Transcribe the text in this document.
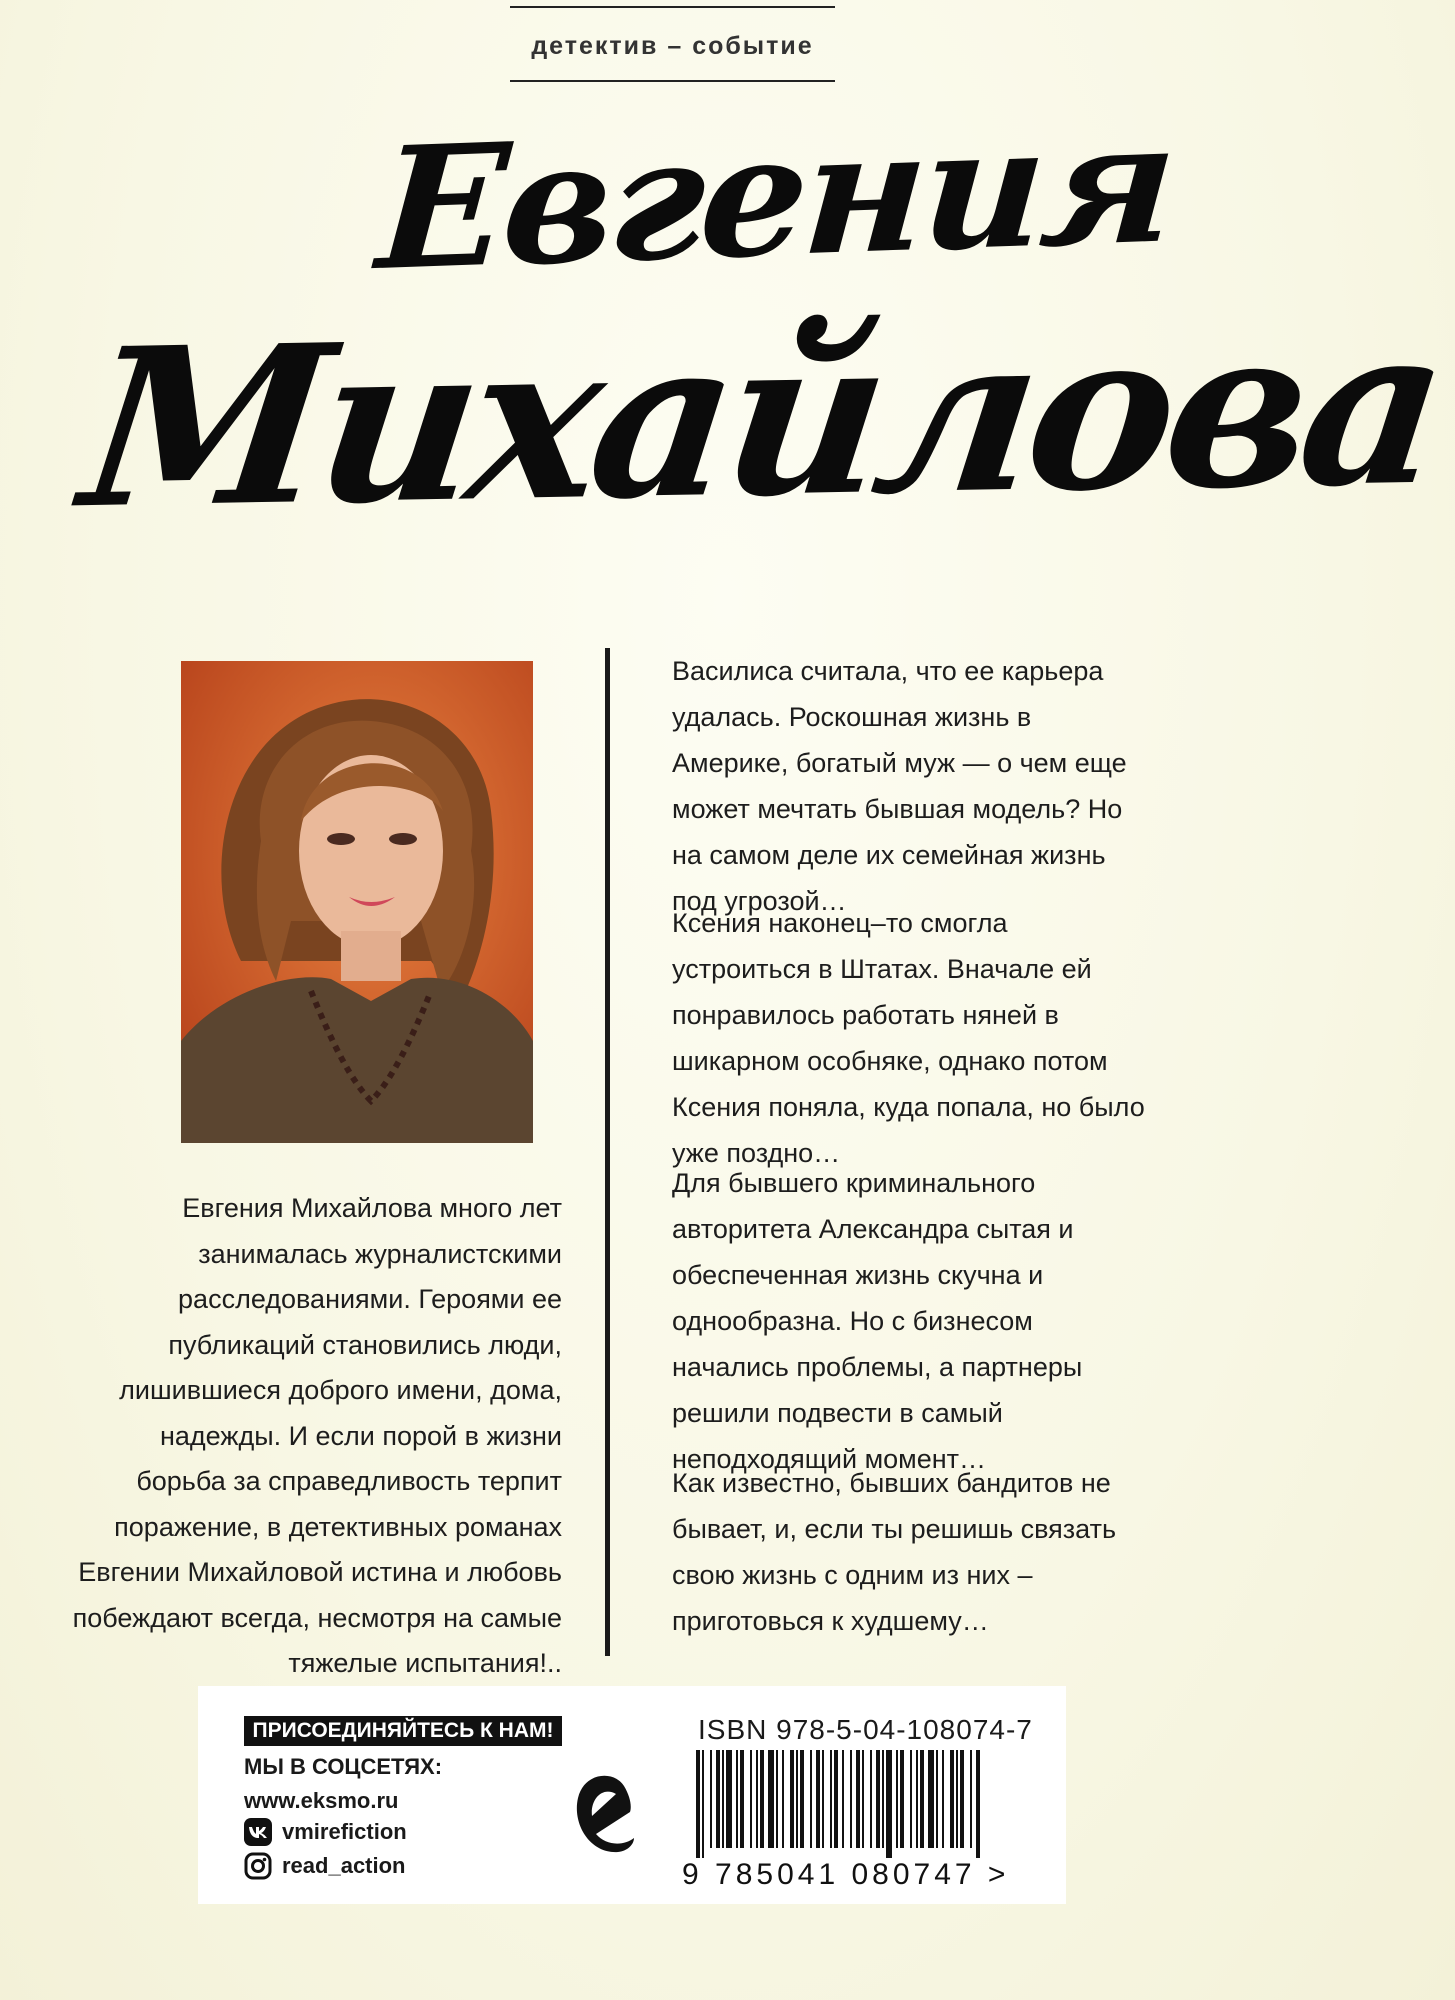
детектив – событие
Евгения
Михайлова

Василиса считала, что ее карьера удалась. Роскошная жизнь в Америке, богатый муж — о чем еще может мечтать бывшая модель? Но на самом деле их семейная жизнь под угрозой…

Ксения наконец–то смогла устроиться в Штатах. Вначале ей понравилось работать няней в шикарном особняке, однако потом Ксения поняла, куда попала, но было уже поздно…

Для бывшего криминального авторитета Александра сытая и обеспеченная жизнь скучна и однообразна. Но с бизнесом начались проблемы, а партнеры решили подвести в самый неподходящий момент…

Как известно, бывших бандитов не бывает, и, если ты решишь связать свою жизнь с одним из них – приготовься к худшему…

Евгения Михайлова много лет занималась журналистскими расследованиями. Героями ее публикаций становились люди, лишившиеся доброго имени, дома, надежды. И если порой в жизни борьба за справедливость терпит поражение, в детективных романах Евгении Михайловой истина и любовь побеждают всегда, несмотря на самые тяжелые испытания!..

ПРИСОЕДИНЯЙТЕСЬ К НАМ!
МЫ В СОЦСЕТЯХ:
www.eksmo.ru
vmirefiction
read_action
ISBN 978-5-04-108074-7
9 785041 080747 >
